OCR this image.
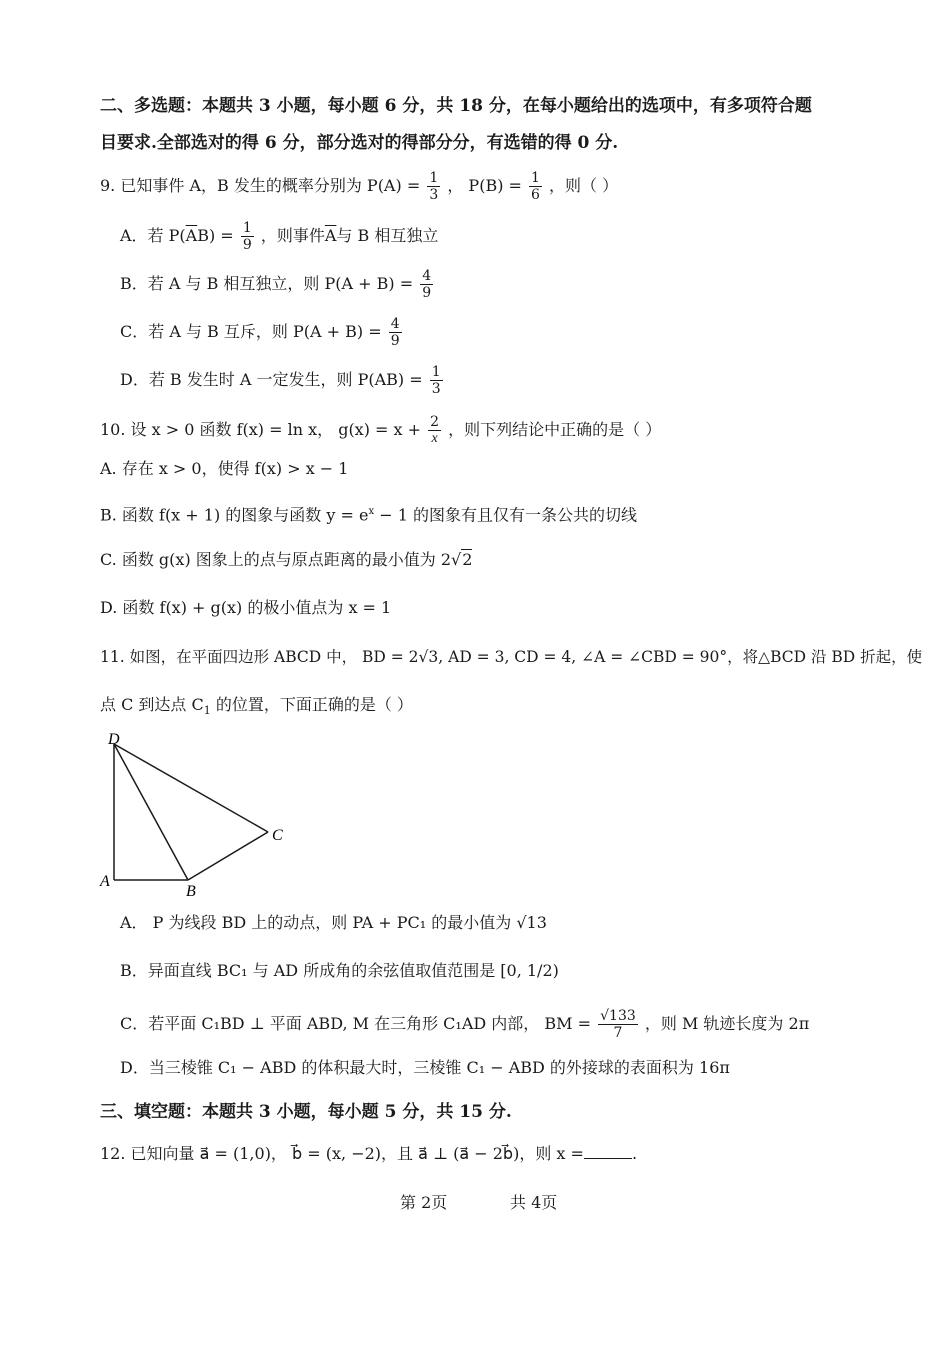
二、多选题：本题共 3 小题，每小题 6 分，共 18 分，在每小题给出的选项中，有多项符合题
目要求.全部选对的得 6 分，部分选对的得部分分，有选错的得 0 分.
9. 已知事件 A，B 发生的概率分别为 $P(A) = \frac{1}{3}$ ， $P(B) = \frac{1}{6}$ ，则（ ）
A．若 $P(\overline{A}B) = \frac{1}{9}$ ，则事件$\overline{A}$与 B 相互独立
B．若 A 与 B 相互独立，则 $P(A + B) = \frac{4}{9}$
C．若 A 与 B 互斥，则 $P(A + B) = \frac{4}{9}$
D．若 B 发生时 A 一定发生，则 $P(AB) = \frac{1}{3}$
10. 设 x > 0 函数 f(x) = ln x， $g(x) = x + \frac{2}{x}$ ，则下列结论中正确的是（ ）
A. 存在 x > 0，使得 f(x) > x − 1
B. 函数 f(x + 1) 的图象与函数 $y = e^x - 1$ 的图象有且仅有一条公共的切线
C. 函数 g(x) 图象上的点与原点距离的最小值为 2√2
D. 函数 f(x) + g(x) 的极小值点为 x = 1
11. 如图，在平面四边形 ABCD 中， BD = 2√3, AD = 3, CD = 4, ∠A = ∠CBD = 90°，将△BCD 沿 BD 折起，使
点 C 到达点 $C_1$ 的位置，下面正确的是（ ）
D
A
B
C
A． P 为线段 BD 上的动点，则 PA + PC₁ 的最小值为 √13
B．异面直线 BC₁ 与 AD 所成角的余弦值取值范围是 [0, 1/2)
C．若平面 C₁BD ⊥ 平面 ABD, M 在三角形 C₁AD 内部， BM = $\frac{√133}{7}$ ，则 M 轨迹长度为 2π
D．当三棱锥 C₁ − ABD 的体积最大时，三棱锥 C₁ − ABD 的外接球的表面积为 16π
三、填空题：本题共 3 小题，每小题 5 分，共 15 分.
12. 已知向量 a⃗ = (1,0)， b⃗ = (x, −2)，且 a⃗ ⊥ (a⃗ − 2b⃗)，则 x =	.
第 2页	共 4页
